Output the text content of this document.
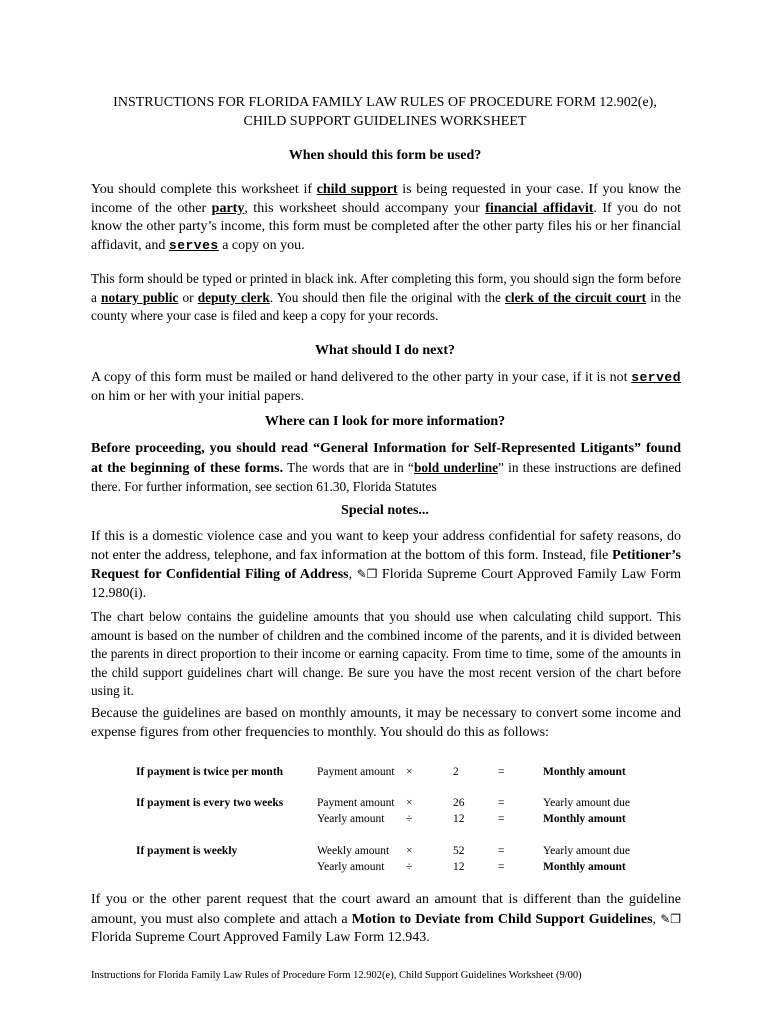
INSTRUCTIONS FOR FLORIDA FAMILY LAW RULES OF PROCEDURE FORM 12.902(e),
CHILD SUPPORT GUIDELINES WORKSHEET
When should this form be used?
You should complete this worksheet if child support is being requested in your case. If you know the income of the other party, this worksheet should accompany your financial affidavit. If you do not know the other party’s income, this form must be completed after the other party files his or her financial affidavit, and serves a copy on you.
This form should be typed or printed in black ink. After completing this form, you should sign the form before a notary public or deputy clerk. You should then file the original with the clerk of the circuit court in the county where your case is filed and keep a copy for your records.
What should I do next?
A copy of this form must be mailed or hand delivered to the other party in your case, if it is not served on him or her with your initial papers.
Where can I look for more information?
Before proceeding, you should read “General Information for Self-Represented Litigants” found at the beginning of these forms. The words that are in “bold underline” in these instructions are defined there. For further information, see section 61.30, Florida Statutes
Special notes...
If this is a domestic violence case and you want to keep your address confidential for safety reasons, do not enter the address, telephone, and fax information at the bottom of this form. Instead, file Petitioner’s Request for Confidential Filing of Address, ✎❐ Florida Supreme Court Approved Family Law Form 12.980(i).
The chart below contains the guideline amounts that you should use when calculating child support. This amount is based on the number of children and the combined income of the parents, and it is divided between the parents in direct proportion to their income or earning capacity. From time to time, some of the amounts in the child support guidelines chart will change. Be sure you have the most recent version of the chart before using it.
Because the guidelines are based on monthly amounts, it may be necessary to convert some income and expense figures from other frequencies to monthly. You should do this as follows:
If payment is twice per month	Payment amount ×	2	=	Monthly amount
If payment is every two weeks	Payment amount ×	26	=	Yearly amount due
Yearly amount ÷	12	=	Monthly amount
If payment is weekly	Weekly amount ×	52	=	Yearly amount due
Yearly amount ÷	12	=	Monthly amount
If you or the other parent request that the court award an amount that is different than the guideline amount, you must also complete and attach a Motion to Deviate from Child Support Guidelines, ✎❐ Florida Supreme Court Approved Family Law Form 12.943.
Instructions for Florida Family Law Rules of Procedure Form 12.902(e), Child Support Guidelines Worksheet (9/00)
